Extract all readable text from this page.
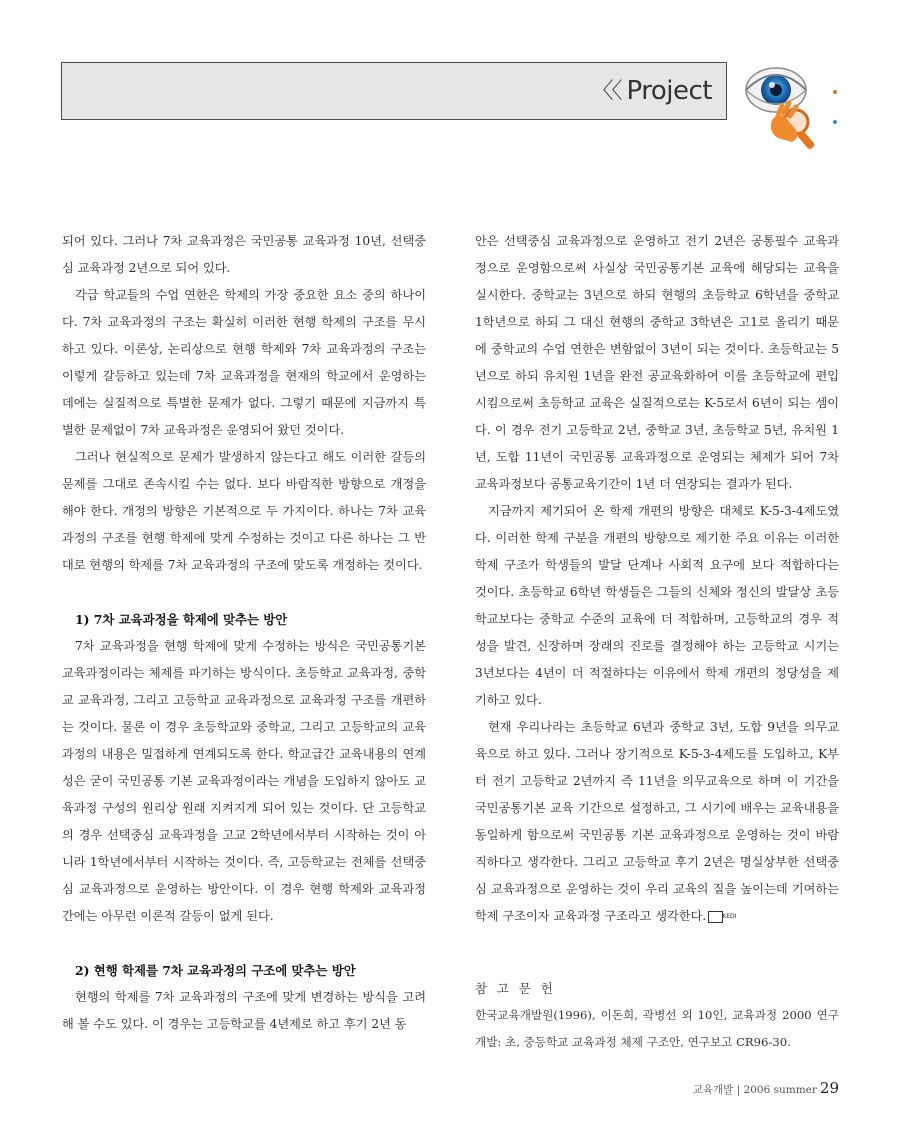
〈〈 Project

되어 있다. 그러나 7차 교육과정은 국민공통 교육과정 10년, 선택중심 교육과정 2년으로 되어 있다.

각급 학교들의 수업 연한은 학제의 가장 중요한 요소 중의 하나이다. 7차 교육과정의 구조는 확실히 이러한 현행 학제의 구조를 무시하고 있다. 이론상, 논리상으로 현행 학제와 7차 교육과정의 구조는 이렇게 갈등하고 있는데 7차 교육과정을 현재의 학교에서 운영하는 데에는 실질적으로 특별한 문제가 없다. 그렇기 때문에 지금까지 특별한 문제없이 7차 교육과정은 운영되어 왔던 것이다.

그러나 현실적으로 문제가 발생하지 않는다고 해도 이러한 갈등의 문제를 그대로 존속시킬 수는 없다. 보다 바람직한 방향으로 개정을 해야 한다. 개정의 방향은 기본적으로 두 가지이다. 하나는 7차 교육과정의 구조를 현행 학제에 맞게 수정하는 것이고 다른 하나는 그 반대로 현행의 학제를 7차 교육과정의 구조에 맞도록 개정하는 것이다.

1) 7차 교육과정을 학제에 맞추는 방안

7차 교육과정을 현행 학제에 맞게 수정하는 방식은 국민공통기본 교육과정이라는 체제를 파기하는 방식이다. 초등학교 교육과정, 중학교 교육과정, 그리고 고등학교 교육과정으로 교육과정 구조를 개편하는 것이다. 물론 이 경우 초등학교와 중학교, 그리고 고등학교의 교육과정의 내용은 밀접하게 연계되도록 한다. 학교급간 교육내용의 연계성은 굳이 국민공통 기본 교육과정이라는 개념을 도입하지 않아도 교육과정 구성의 원리상 원래 지켜지게 되어 있는 것이다. 단 고등학교의 경우 선택중심 교육과정을 고교 2학년에서부터 시작하는 것이 아니라 1학년에서부터 시작하는 것이다. 즉, 고등학교는 전체를 선택중심 교육과정으로 운영하는 방안이다. 이 경우 현행 학제와 교육과정간에는 아무런 이론적 갈등이 없게 된다.

2) 현행 학제를 7차 교육과정의 구조에 맞추는 방안

현행의 학제를 7차 교육과정의 구조에 맞게 변경하는 방식을 고려해 볼 수도 있다. 이 경우는 고등학교를 4년제로 하고 후기 2년 동

안은 선택중심 교육과정으로 운영하고 전기 2년은 공통필수 교육과정으로 운영함으로써 사실상 국민공통기본 교육에 해당되는 교육을 실시한다. 중학교는 3년으로 하되 현행의 초등학교 6학년을 중학교 1학년으로 하되 그 대신 현행의 중학교 3학년은 고1로 올리기 때문에 중학교의 수업 연한은 변함없이 3년이 되는 것이다. 초등학교는 5년으로 하되 유치원 1년을 완전 공교육화하여 이를 초등학교에 편입시킴으로써 초등학교 교육은 실질적으로는 K-5로서 6년이 되는 셈이다. 이 경우 전기 고등학교 2년, 중학교 3년, 초등학교 5년, 유치원 1년, 도합 11년이 국민공통 교육과정으로 운영되는 체제가 되어 7차 교육과정보다 공통교육기간이 1년 더 연장되는 결과가 된다.

지금까지 제기되어 온 학제 개편의 방향은 대체로 K-5-3-4제도였다. 이러한 학제 구분을 개편의 방향으로 제기한 주요 이유는 이러한 학제 구조가 학생들의 발달 단계나 사회적 요구에 보다 적합하다는 것이다. 초등학교 6학년 학생들은 그들의 신체와 정신의 발달상 초등학교보다는 중학교 수준의 교육에 더 적합하며, 고등학교의 경우 적성을 발견, 신장하며 장래의 진로를 결정해야 하는 고등학교 시기는 3년보다는 4년이 더 적절하다는 이유에서 학제 개편의 정당성을 제기하고 있다.

현재 우리나라는 초등학교 6년과 중학교 3년, 도합 9년을 의무교육으로 하고 있다. 그러나 장기적으로 K-5-3-4제도를 도입하고, K부터 전기 고등학교 2년까지 즉 11년을 의무교육으로 하며 이 기간을 국민공통기본 교육 기간으로 설정하고, 그 시기에 배우는 교육내용을 동일하게 함으로써 국민공통 기본 교육과정으로 운영하는 것이 바람직하다고 생각한다. 그리고 고등학교 후기 2년은 명실상부한 선택중심 교육과정으로 운영하는 것이 우리 교육의 질을 높이는데 기여하는 학제 구조이자 교육과정 구조라고 생각한다.	KEDI

참 고 문 헌
한국교육개발원(1996), 이돈희, 곽병선 외 10인, 교육과정 2000 연구 개발: 초, 중등학교 교육과정 체제 구조안, 연구보고 CR96-30.
교육개발 | 2006 summer 29
